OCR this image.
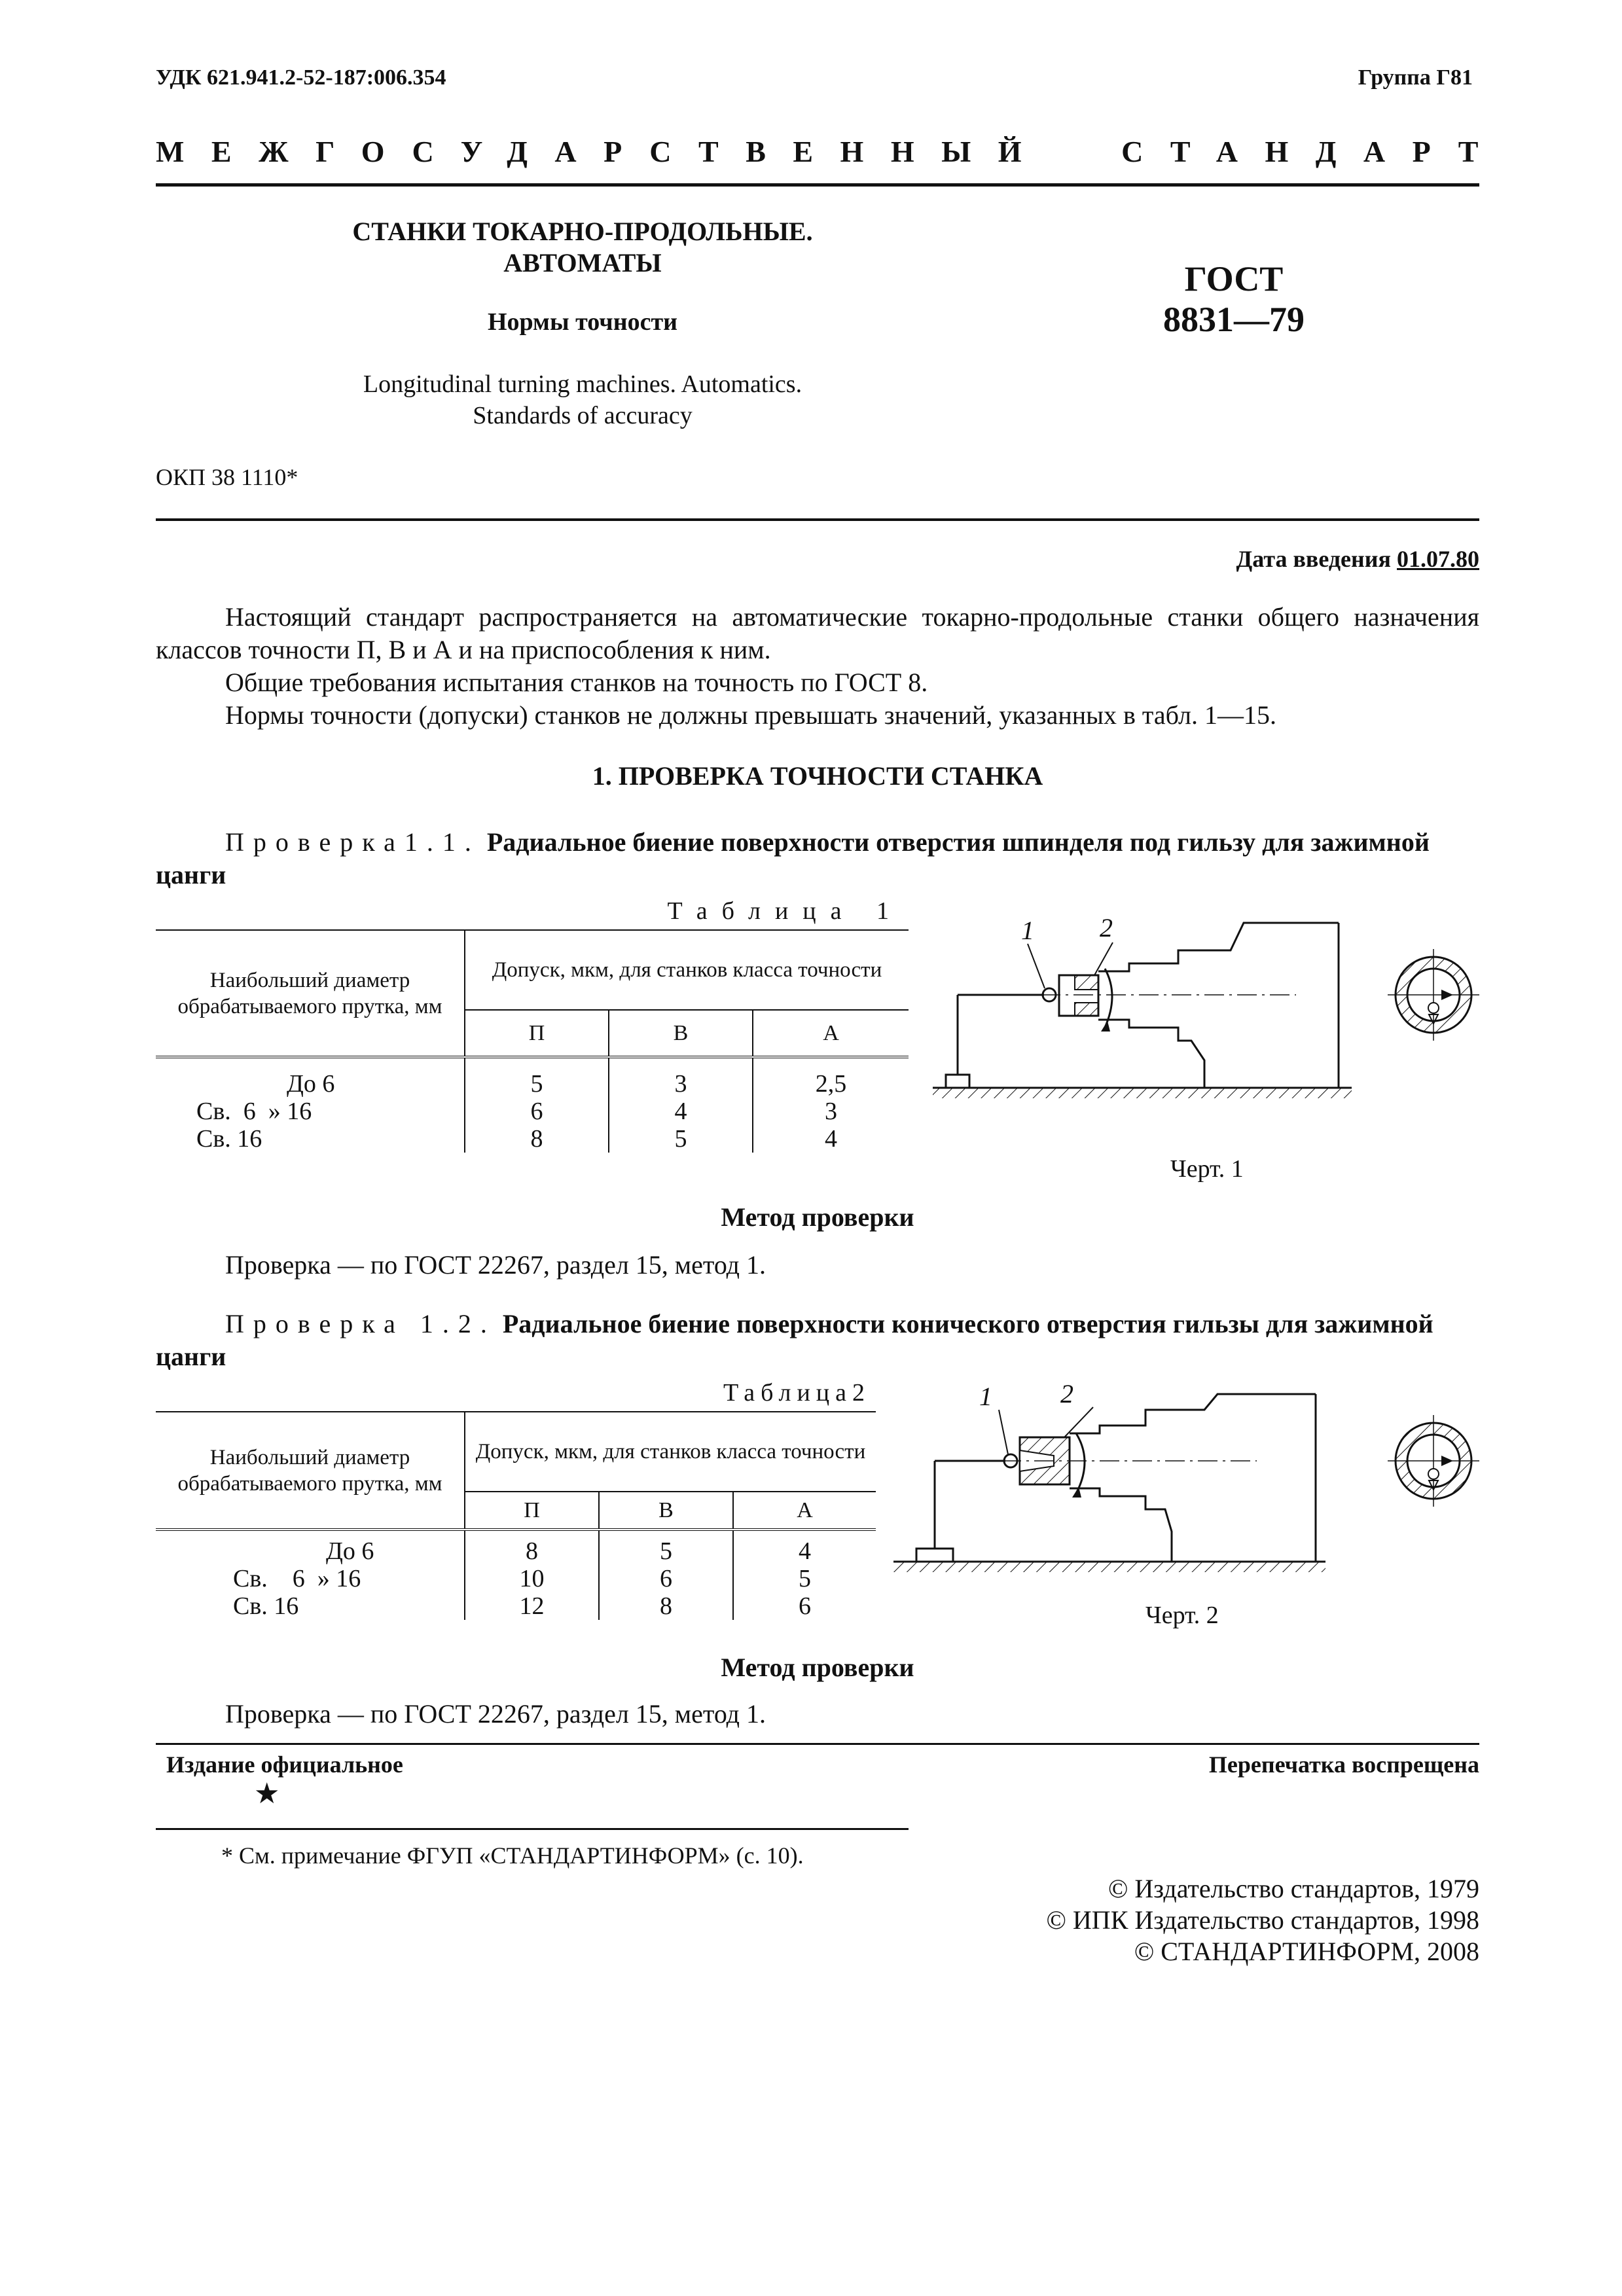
УДК 621.941.2-52-187:006.354	Группа Г81
МЕЖГОСУДАРСТВЕННЫЙ СТАНДАРТ
СТАНКИ ТОКАРНО-ПРОДОЛЬНЫЕ.
АВТОМАТЫ
Нормы точности
Longitudinal turning machines. Automatics.
Standards of accuracy
ГОСТ
8831—79
ОКП 38 1110*
Дата введения 01.07.80
Настоящий стандарт распространяется на автоматические токарно-продольные станки общего назначения классов точности П, В и А и на приспособления к ним.
Общие требования испытания станков на точность по ГОСТ 8.
Нормы точности (допуски) станков не должны превышать значений, указанных в табл. 1—15.
1. ПРОВЕРКА ТОЧНОСТИ СТАНКА
Проверка1.1. Радиальное биение поверхности отверстия шпинделя под гильзу для зажимной цанги
Таблица 1
Наибольший диаметр обрабатываемого прутка, мм	Допуск, мкм, для станков класса точности		
	П	В	А

До 6	5	3	2,5
Св.  6  » 16	6	4	3
Св. 16	8	5	4
1	2
Черт. 1
Метод проверки
Проверка — по ГОСТ 22267, раздел 15, метод 1.
Проверка 1.2. Радиальное биение поверхности конического отверстия гильзы для зажимной цанги
Таблица2
Наибольший диаметр обрабатываемого прутка, мм	Допуск, мкм, для станков класса точности		
	П	В	А

До 6	8	5	4
Св.    6  » 16	10	6	5
Св. 16	12	8	6
1	2
Черт. 2
Метод проверки
Проверка — по ГОСТ 22267, раздел 15, метод 1.
Издание официальное
★
Перепечатка воспрещена
* См. примечание ФГУП «СТАНДАРТИНФОРМ» (с. 10).
© Издательство стандартов, 1979
© ИПК Издательство стандартов, 1998
© СТАНДАРТИНФОРМ, 2008
